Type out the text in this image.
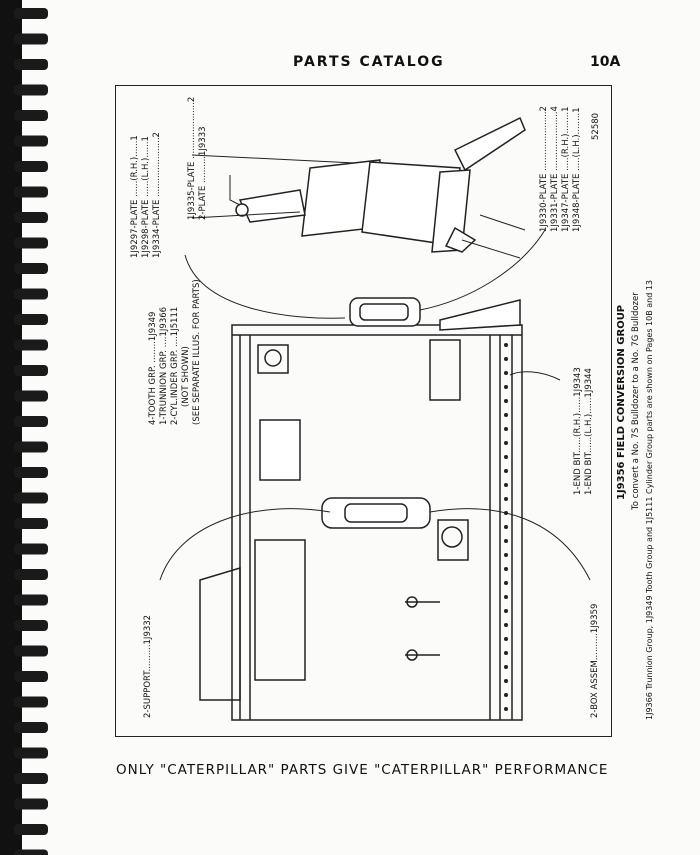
PARTS CATALOG	10A
1J9297-PLATE ......(R.H.)......1 1J9298-PLATE ......(L.H.)......1 1J9334-PLATE ......................2	1J9335-PLATE .....................2 2-PLATE ..........1J9333	1J9330-PLATE ......................2 1J9331-PLATE ......................4 1J9347-PLATE .....(R.H.)........1 1J9348-PLATE .....(L.H.)........1 52580
4-TOOTH GRP. ........1J9349 1-TRUNNION GRP. ....1J9366 2-CYL.INDER GRP. ....1J5111 (NOT SHOWN) (SEE SEPARATE ILLUS. FOR PARTS)
1-END BIT......(R.H.)......1J9343 1-END BIT......(L.H.)......1J9344
2-SUPPORT..........1J9332	2-BOX ASSEM..........1J9359
1J9356 FIELD CONVERSION GROUP To convert a No. 7S Bulldozer to a No. 7G Bulldozer 1J9366 Trunnion Group, 1J9349 Tooth Group and 1J5111 Cylinder Group parts are shown on Pages 10B and 13
ONLY "CATERPILLAR" PARTS GIVE "CATERPILLAR" PERFORMANCE
